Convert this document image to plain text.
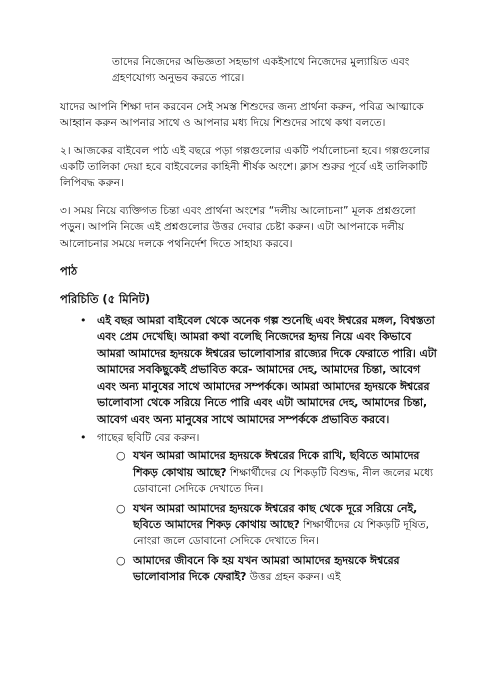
তাদের নিজেদের অভিজ্ঞতা সহভাগ একইসাথে নিজেদের মুল্যায়িত এবং গ্রহণযোগ্য অনুভব করতে পারে।

যাদের আপনি শিক্ষা দান করবেন সেই সমস্ত শিশুদের জন্য প্রার্থনা করুন, পবিত্র আত্মাকে আহ্বান করুন আপনার সাথে ও আপনার মধ্য দিয়ে শিশুদের সাথে কথা বলতে।

২। আজকের বাইবেল পাঠ এই বছরে পড়া গল্পগুলোর একটি পর্যালোচনা হবে। গল্পগুলোর একটি তালিকা দেয়া হবে বাইবেলের কাহিনী শীর্ষক অংশে। ক্লাস শুরুর পূর্বে এই তালিকাটি লিপিবদ্ধ করুন।

৩। সময় নিয়ে ব্যক্তিগত চিন্তা এবং প্রার্থনা অংশের “দলীয় আলোচনা” মূলক প্রশ্নগুলো পড়ুন। আপনি নিজে এই প্রশ্নগুলোর উত্তর দেবার চেষ্টা করুন। এটা আপনাকে দলীয় আলোচনার সময়ে দলকে পথনির্দেশ দিতে সাহায্য করবে।

পাঠ
পরিচিতি (৫ মিনিট)
• এই বছর আমরা বাইবেল থেকে অনেক গল্প শুনেছি এবং ঈশ্বরের মঙ্গল, বিশ্বস্ততা এবং প্রেম দেখেছি। আমরা কথা বলেছি নিজেদের হৃদয় নিয়ে এবং কিভাবে আমরা আমাদের হৃদয়কে ঈশ্বরের ভালোবাসার রাজ্যের দিকে ফেরাতে পারি। এটা আমাদের সবকিছুকেই প্রভাবিত করে- আমাদের দেহ, আমাদের চিন্তা, আবেগ এবং অন্য মানুষের সাথে আমাদের সম্পর্ককে। আমরা আমাদের হৃদয়কে ঈশ্বরের ভালোবাসা থেকে সরিয়ে নিতে পারি এবং এটা আমাদের দেহ, আমাদের চিন্তা, আবেগ এবং অন্য মানুষের সাথে আমাদের সম্পর্ককে প্রভাবিত করবে।

• গাছের ছবিটি বের করুন।

○ যখন আমরা আমাদের হৃদয়কে ঈশ্বরের দিকে রাখি, ছবিতে আমাদের শিকড় কোথায় আছে? শিক্ষার্থীদের যে শিকড়টি বিশুদ্ধ, নীল জলের মধ্যে ডোবানো সেদিকে দেখাতে দিন।

○ যখন আমরা আমাদের হৃদয়কে ঈশ্বরের কাছ থেকে দূরে সরিয়ে নেই, ছবিতে আমাদের শিকড় কোথায় আছে? শিক্ষার্থীদের যে শিকড়টি দূষিত, নোংরা জলে ডোবানো সেদিকে দেখাতে দিন।

○ আমাদের জীবনে কি হয় যখন আমরা আমাদের হৃদয়কে ঈশ্বরের ভালোবাসার দিকে ফেরাই? উত্তর গ্রহন করুন। এই
